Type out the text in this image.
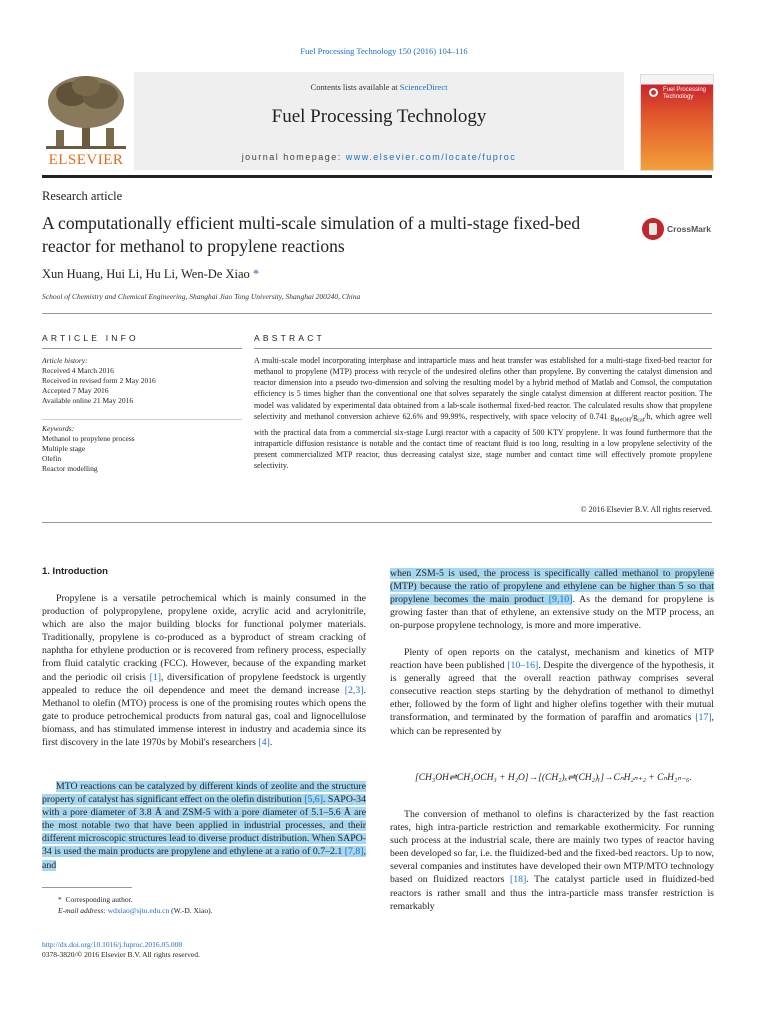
Fuel Processing Technology 150 (2016) 104–116
ELSEVIER
Contents lists available at ScienceDirect
Fuel Processing Technology
journal homepage: www.elsevier.com/locate/fuproc
Fuel Processing Technology
Research article
A computationally efficient multi-scale simulation of a multi-stage fixed-bed reactor for methanol to propylene reactions
CrossMark
Xun Huang, Hui Li, Hu Li, Wen-De Xiao *
School of Chemistry and Chemical Engineering, Shanghai Jiao Tong University, Shanghai 200240, China
ARTICLE INFO	ABSTRACT
Article history:
Received 4 March 2016
Received in revised form 2 May 2016
Accepted 7 May 2016
Available online 21 May 2016
Keywords:
Methanol to propylene process
Multiple stage
Olefin
Reactor modelling
A multi-scale model incorporating interphase and intraparticle mass and heat transfer was established for a multi-stage fixed-bed reactor for methanol to propylene (MTP) process with recycle of the undesired olefins other than propylene. By converting the catalyst dimension and reactor dimension into a pseudo two-dimension and solving the resulting model by a hybrid method of Matlab and Comsol, the computation efficiency is 5 times higher than the conventional one that solves separately the single catalyst dimension at different reactor position. The model was validated by experimental data obtained from a lab-scale isothermal fixed-bed reactor. The calculated results show that propylene selectivity and methanol conversion achieve 62.6% and 99.99%, respectively, with space velocity of 0.741 $g_{MeOH}/g_{cat}/h$, which agree well with the practical data from a commercial six-stage Lurgi reactor with a capacity of 500 KTY propylene. It was found furthermore that the intraparticle diffusion resistance is notable and the contact time of reactant fluid is too long, resulting in a low propylene selectivity of the present commercialized MTP reactor, thus decreasing catalyst size, stage number and contact time will effectively promote propylene selectivity.
© 2016 Elsevier B.V. All rights reserved.
1. Introduction
Propylene is a versatile petrochemical which is mainly consumed in the production of polypropylene, propylene oxide, acrylic acid and acrylonitrile, which are also the major building blocks for functional polymer materials. Traditionally, propylene is co-produced as a byproduct of stream cracking of naphtha for ethylene production or is recovered from refinery process, especially from fluid catalytic cracking (FCC). However, because of the expanding market and the periodic oil crisis [1], diversification of propylene feedstock is urgently appealed to reduce the oil dependence and meet the demand increase [2,3]. Methanol to olefin (MTO) process is one of the promising routes which opens the gate to produce petrochemical products from natural gas, coal and lignocellulose biomass, and has stimulated immense interest in industry and academia since its first discovery in the late 1970s by Mobil's researchers [4].
MTO reactions can be catalyzed by different kinds of zeolite and the structure property of catalyst has significant effect on the olefin distribution [5,6]. SAPO-34 with a pore diameter of 3.8 Å and ZSM-5 with a pore diameter of 5.1–5.6 Å are the most notable two that have been applied in industrial processes, and their different microscopic structures lead to diverse product distribution. When SAPO-34 is used the main products are propylene and ethylene at a ratio of 0.7–2.1 [7,8], and
when ZSM-5 is used, the process is specifically called methanol to propylene (MTP) because the ratio of propylene and ethylene can be higher than 5 so that propylene becomes the main product [9,10]. As the demand for propylene is growing faster than that of ethylene, an extensive study on the MTP process, an on-purpose propylene technology, is more and more imperative.
Plenty of open reports on the catalyst, mechanism and kinetics of MTP reaction have been published [10–16]. Despite the divergence of the hypothesis, it is generally agreed that the overall reaction pathway comprises several consecutive reaction steps starting by the dehydration of methanol to dimethyl ether, followed by the form of light and higher olefins together with their mutual transformation, and terminated by the formation of paraffin and aromatics [17], which can be represented by
[CH₃OH⇌CH₃OCH₃ + H₂O]→[(CH₂)ₓ⇌(CH₂)ᵧ]→CₙH₂ₙ₊₂ + CₙH₂ₙ₋₆.
The conversion of methanol to olefins is characterized by the fast reaction rates, high intra-particle restriction and remarkable exothermicity. For running such process at the industrial scale, there are mainly two types of reactor having been developed so far, i.e. the fluidized-bed and the fixed-bed reactors. Up to now, several companies and institutes have developed their own MTP/MTO technology based on fluidized reactors [18]. The catalyst particle used in fluidized-bed reactors is rather small and thus the intra-particle mass transfer restriction is remarkably
*  Corresponding author.
E-mail address: wdxiao@sjtu.edu.cn (W.-D. Xiao).
http://dx.doi.org/10.1016/j.fuproc.2016.05.008
0378-3820/© 2016 Elsevier B.V. All rights reserved.
